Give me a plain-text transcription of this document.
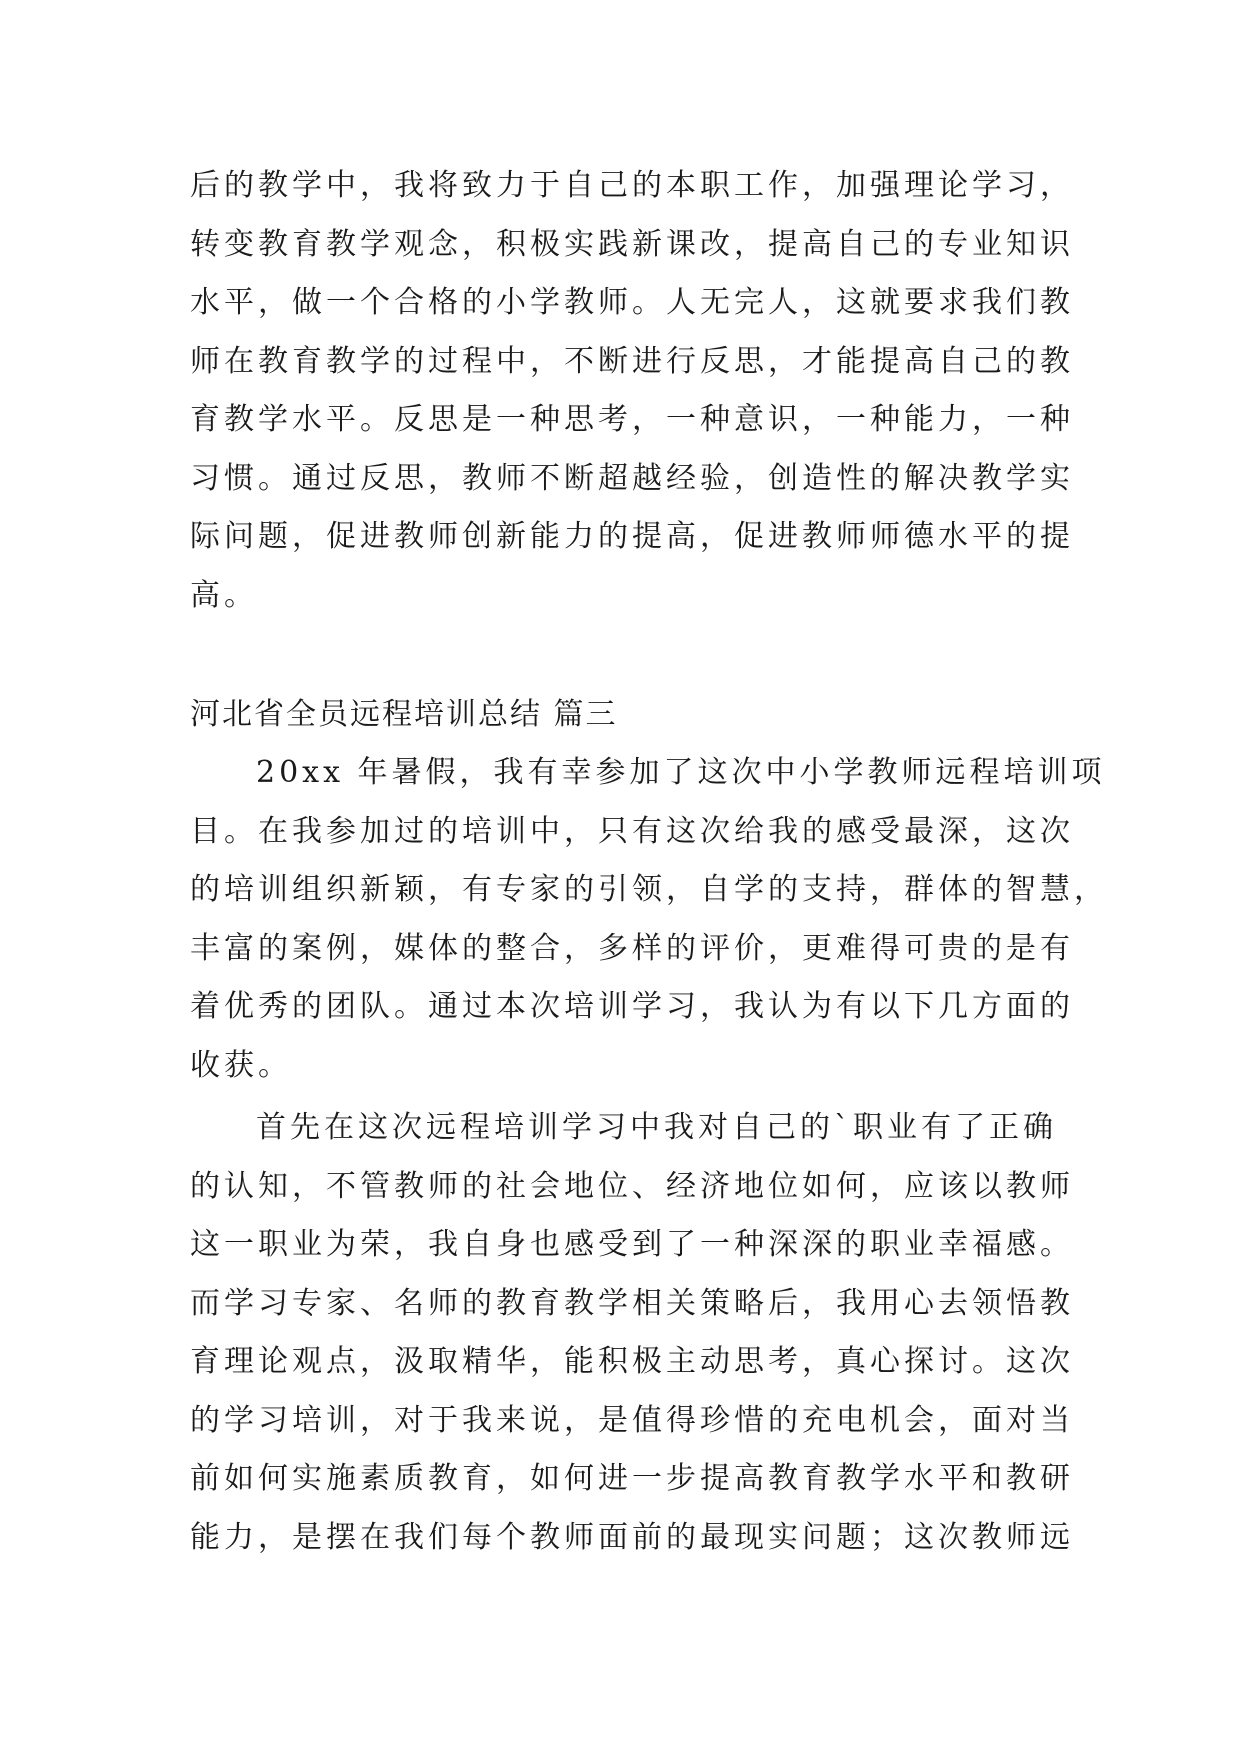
后的教学中，我将致力于自己的本职工作，加强理论学习，
转变教育教学观念，积极实践新课改，提高自己的专业知识
水平，做一个合格的小学教师。人无完人，这就要求我们教
师在教育教学的过程中，不断进行反思，才能提高自己的教
育教学水平。反思是一种思考，一种意识，一种能力，一种
习惯。通过反思，教师不断超越经验，创造性的解决教学实
际问题，促进教师创新能力的提高，促进教师师德水平的提
高。
河北省全员远程培训总结 篇三
20xx 年暑假，我有幸参加了这次中小学教师远程培训项
目。在我参加过的培训中，只有这次给我的感受最深，这次
的培训组织新颖，有专家的引领，自学的支持，群体的智慧，
丰富的案例，媒体的整合，多样的评价，更难得可贵的是有
着优秀的团队。通过本次培训学习，我认为有以下几方面的
收获。
首先在这次远程培训学习中我对自己的`职业有了正确
的认知，不管教师的社会地位、经济地位如何，应该以教师
这一职业为荣，我自身也感受到了一种深深的职业幸福感。
而学习专家、名师的教育教学相关策略后，我用心去领悟教
育理论观点，汲取精华，能积极主动思考，真心探讨。这次
的学习培训，对于我来说，是值得珍惜的充电机会，面对当
前如何实施素质教育，如何进一步提高教育教学水平和教研
能力，是摆在我们每个教师面前的最现实问题；这次教师远
